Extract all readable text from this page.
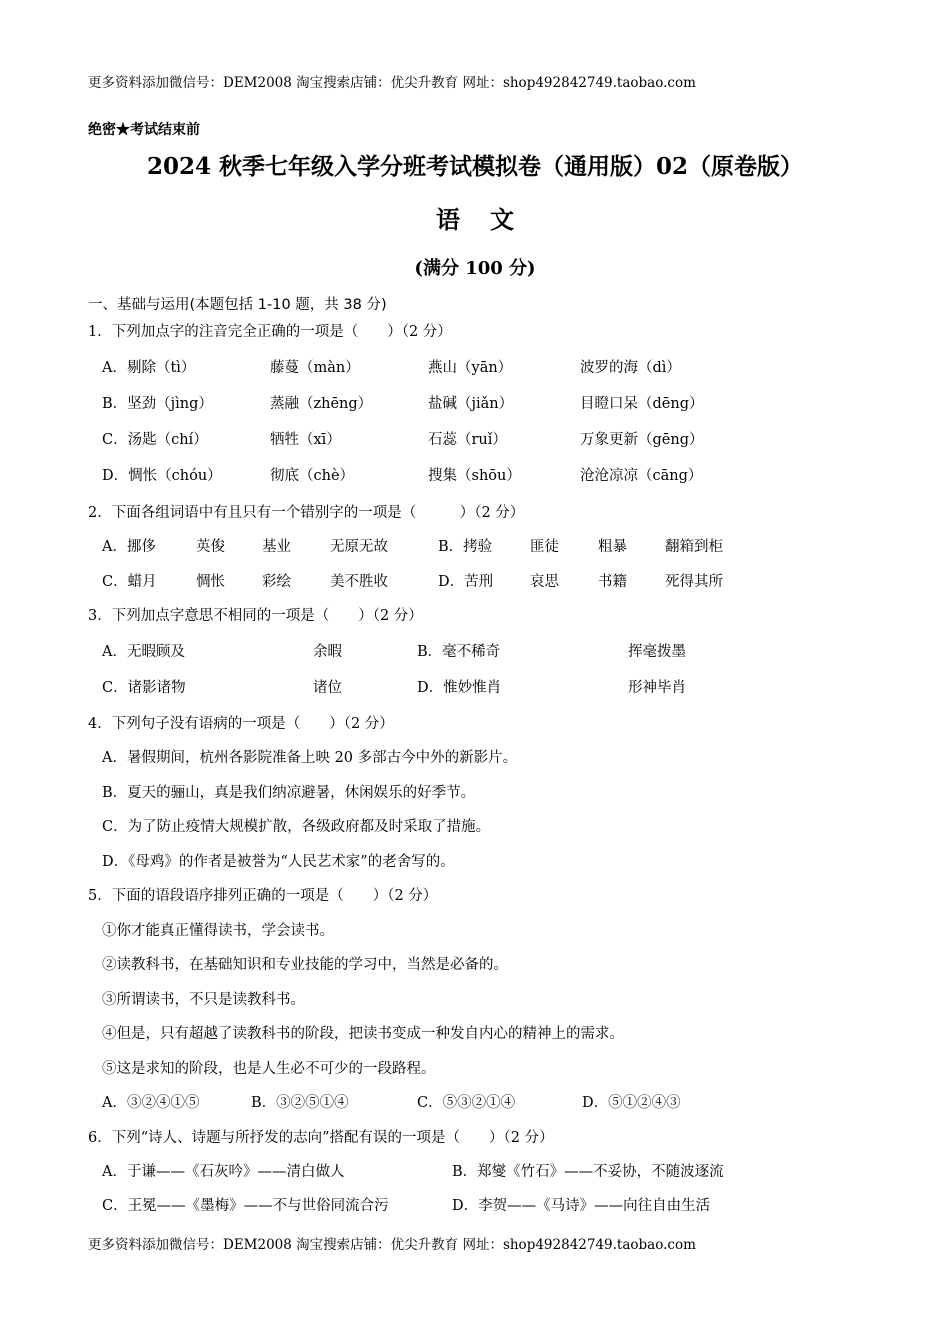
更多资料添加微信号：DEM2008 淘宝搜索店铺：优尖升教育 网址：shop492842749.taobao.com
绝密★考试结束前
2024 秋季七年级入学分班考试模拟卷（通用版）02（原卷版）
语 文
(满分 100 分)
一、基础与运用(本题包括 1-10 题，共 38 分)
1．下列加点字的注音完全正确的一项是（　　）（2 分）
A．剔除（tì）	藤蔓（màn）	燕山（yān）	波罗的海（dì）
B．坚劲（jìng）	蒸融（zhēng）	盐碱（jiǎn）	目瞪口呆（dēng）
C．汤匙（chí）	牺牲（xī）	石蕊（ruǐ）	万象更新（gēng）
D．惆怅（chóu）	彻底（chè）	搜集（shōu）	沧沧凉凉（cāng）
2．下面各组词语中有且只有一个错别字的一项是（　　　）（2 分）
A．挪侈	英俊	基业	无原无故	B．拷验	匪徒	粗暴	翻箱到柜
C．蜡月	惆怅	彩绘	美不胜收	D．苦刑	哀思	书籍	死得其所
3．下列加点字意思不相同的一项是（　　）（2 分）
A．无暇顾及	余暇	B．毫不稀奇	挥毫拨墨
C．诸影诸物	诸位	D．惟妙惟肖	形神毕肖
4．下列句子没有语病的一项是（　　）（2 分）
A．暑假期间，杭州各影院准备上映 20 多部古今中外的新影片。
B．夏天的骊山，真是我们纳凉避暑，休闲娱乐的好季节。
C．为了防止疫情大规模扩散，各级政府都及时采取了措施。
D．《母鸡》的作者是被誉为“人民艺术家”的老舍写的。
5．下面的语段语序排列正确的一项是（　　）（2 分）
①你才能真正懂得读书，学会读书。
②读教科书，在基础知识和专业技能的学习中，当然是必备的。
③所谓读书，不只是读教科书。
④但是，只有超越了读教科书的阶段，把读书变成一种发自内心的精神上的需求。
⑤这是求知的阶段，也是人生必不可少的一段路程。
A．③②④①⑤	B．③②⑤①④	C．⑤③②①④	D．⑤①②④③
6．下列“诗人、诗题与所抒发的志向”搭配有误的一项是（　　）（2 分）
A．于谦——《石灰吟》——清白做人	B．郑燮《竹石》——不妥协，不随波逐流
C．王冕——《墨梅》——不与世俗同流合污	D．李贺——《马诗》——向往自由生活
更多资料添加微信号：DEM2008 淘宝搜索店铺：优尖升教育 网址：shop492842749.taobao.com
